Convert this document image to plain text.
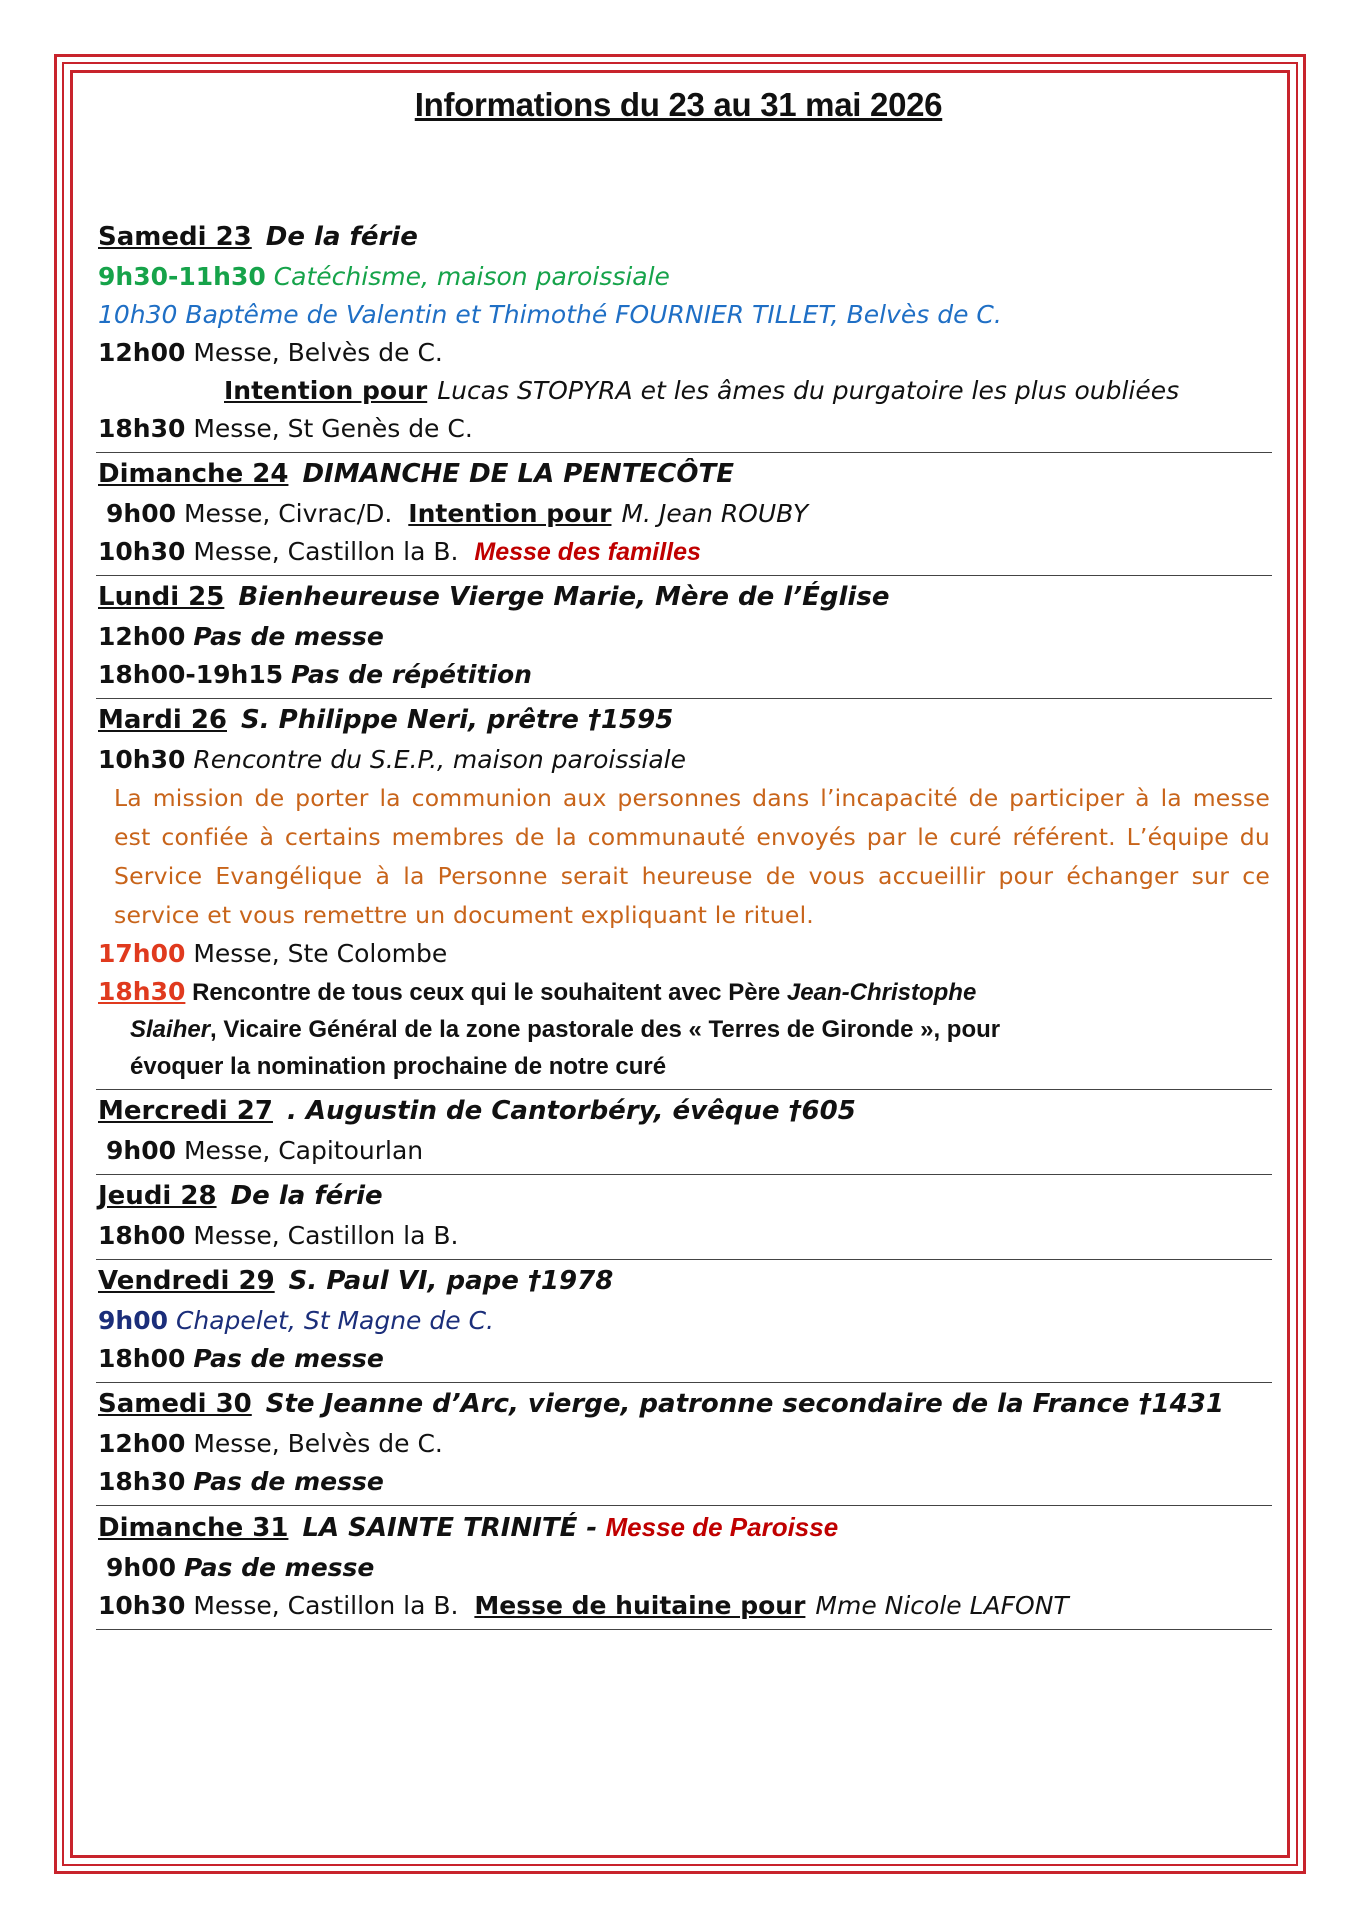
Informations du 23 au 31 mai 2026
Samedi 23 De la férie
9h30-11h30 Catéchisme, maison paroissiale
10h30 Baptême de Valentin et Thimothé FOURNIER TILLET, Belvès de C.
12h00 Messe, Belvès de C.
Intention pour Lucas STOPYRA et les âmes du purgatoire les plus oubliées
18h30 Messe, St Genès de C.
Dimanche 24 DIMANCHE DE LA PENTECÔTE
9h00 Messe, Civrac/D. Intention pour M. Jean ROUBY
10h30 Messe, Castillon la B. Messe des familles
Lundi 25 Bienheureuse Vierge Marie, Mère de l’Église
12h00 Pas de messe
18h00-19h15 Pas de répétition
Mardi 26 S. Philippe Neri, prêtre †1595
10h30 Rencontre du S.E.P., maison paroissiale
La mission de porter la communion aux personnes dans l’incapacité de participer à la messe est confiée à certains membres de la communauté envoyés par le curé référent. L’équipe du Service Evangélique à la Personne serait heureuse de vous accueillir pour échanger sur ce service et vous remettre un document expliquant le rituel.
17h00 Messe, Ste Colombe
18h30 Rencontre de tous ceux qui le souhaitent avec Père Jean-Christophe
Slaiher, Vicaire Général de la zone pastorale des « Terres de Gironde », pour
évoquer la nomination prochaine de notre curé
Mercredi 27 . Augustin de Cantorbéry, évêque †605
9h00 Messe, Capitourlan
Jeudi 28 De la férie
18h00 Messe, Castillon la B.
Vendredi 29 S. Paul VI, pape †1978
9h00 Chapelet, St Magne de C.
18h00 Pas de messe
Samedi 30 Ste Jeanne d’Arc, vierge, patronne secondaire de la France †1431
12h00 Messe, Belvès de C.
18h30 Pas de messe
Dimanche 31 LA SAINTE TRINITÉ - Messe de Paroisse
9h00 Pas de messe
10h30 Messe, Castillon la B. Messe de huitaine pour Mme Nicole LAFONT
